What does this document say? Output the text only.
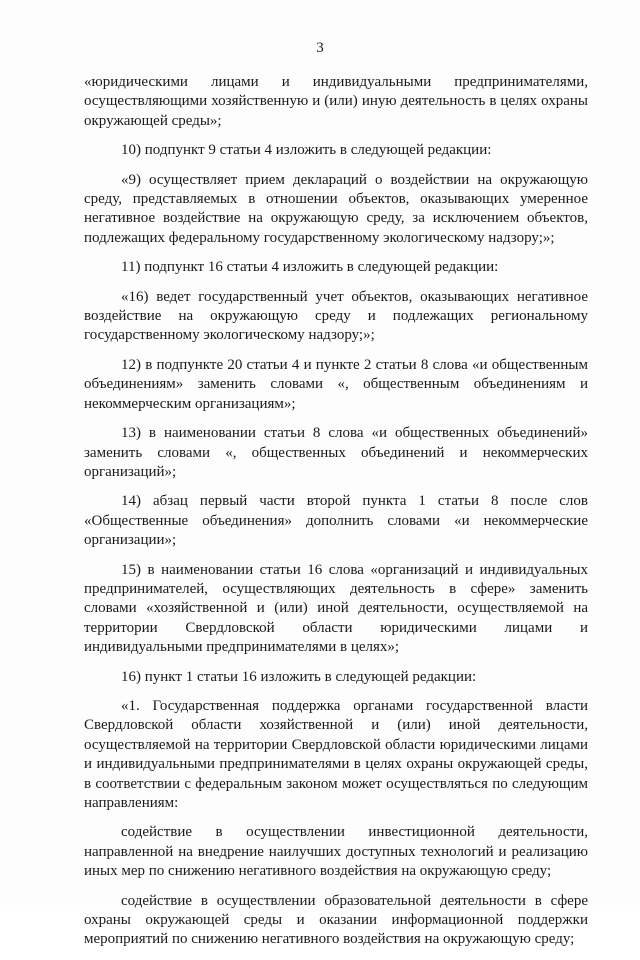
3

«юридическими лицами и индивидуальными предпринимателями, осуществляющими хозяйственную и (или) иную деятельность в целях охраны окружающей среды»;

10) подпункт 9 статьи 4 изложить в следующей редакции:

«9) осуществляет прием деклараций о воздействии на окружающую среду, представляемых в отношении объектов, оказывающих умеренное негативное воздействие на окружающую среду, за исключением объектов, подлежащих федеральному государственному экологическому надзору;»;

11) подпункт 16 статьи 4 изложить в следующей редакции:

«16) ведет государственный учет объектов, оказывающих негативное воздействие на окружающую среду и подлежащих региональному государственному экологическому надзору;»;

12) в подпункте 20 статьи 4 и пункте 2 статьи 8 слова «и общественным объединениям» заменить словами «, общественным объединениям и некоммерческим организациям»;

13) в наименовании статьи 8 слова «и общественных объединений» заменить словами «, общественных объединений и некоммерческих организаций»;

14) абзац первый части второй пункта 1 статьи 8 после слов «Общественные объединения» дополнить словами «и некоммерческие организации»;

15) в наименовании статьи 16 слова «организаций и индивидуальных предпринимателей, осуществляющих деятельность в сфере» заменить словами «хозяйственной и (или) иной деятельности, осуществляемой на территории Свердловской области юридическими лицами и индивидуальными предпринимателями в целях»;

16) пункт 1 статьи 16 изложить в следующей редакции:

«1. Государственная поддержка органами государственной власти Свердловской области хозяйственной и (или) иной деятельности, осуществляемой на территории Свердловской области юридическими лицами и индивидуальными предпринимателями в целях охраны окружающей среды, в соответствии с федеральным законом может осуществляться по следующим направлениям:

содействие в осуществлении инвестиционной деятельности, направленной на внедрение наилучших доступных технологий и реализацию иных мер по снижению негативного воздействия на окружающую среду;

содействие в осуществлении образовательной деятельности в сфере охраны окружающей среды и оказании информационной поддержки мероприятий по снижению негативного воздействия на окружающую среду;
